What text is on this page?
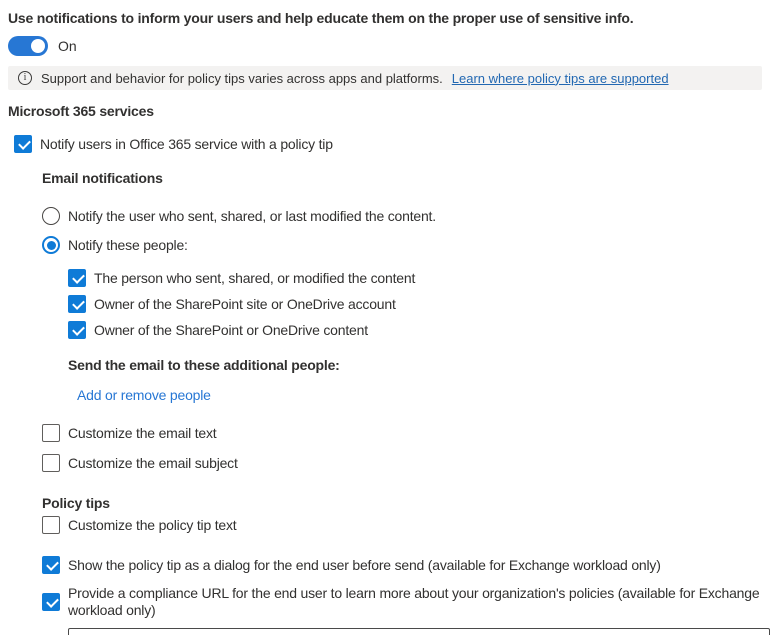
Use notifications to inform your users and help educate them on the proper use of sensitive info.
On
i	Support and behavior for policy tips varies across apps and platforms. Learn where policy tips are supported
Microsoft 365 services
Notify users in Office 365 service with a policy tip
Email notifications
Notify the user who sent, shared, or last modified the content.
Notify these people:
The person who sent, shared, or modified the content
Owner of the SharePoint site or OneDrive account
Owner of the SharePoint or OneDrive content
Send the email to these additional people:
Add or remove people
Customize the email text
Customize the email subject
Policy tips
Customize the policy tip text
Show the policy tip as a dialog for the end user before send (available for Exchange workload only)
Provide a compliance URL for the end user to learn more about your organization's policies (available for Exchange workload only)
